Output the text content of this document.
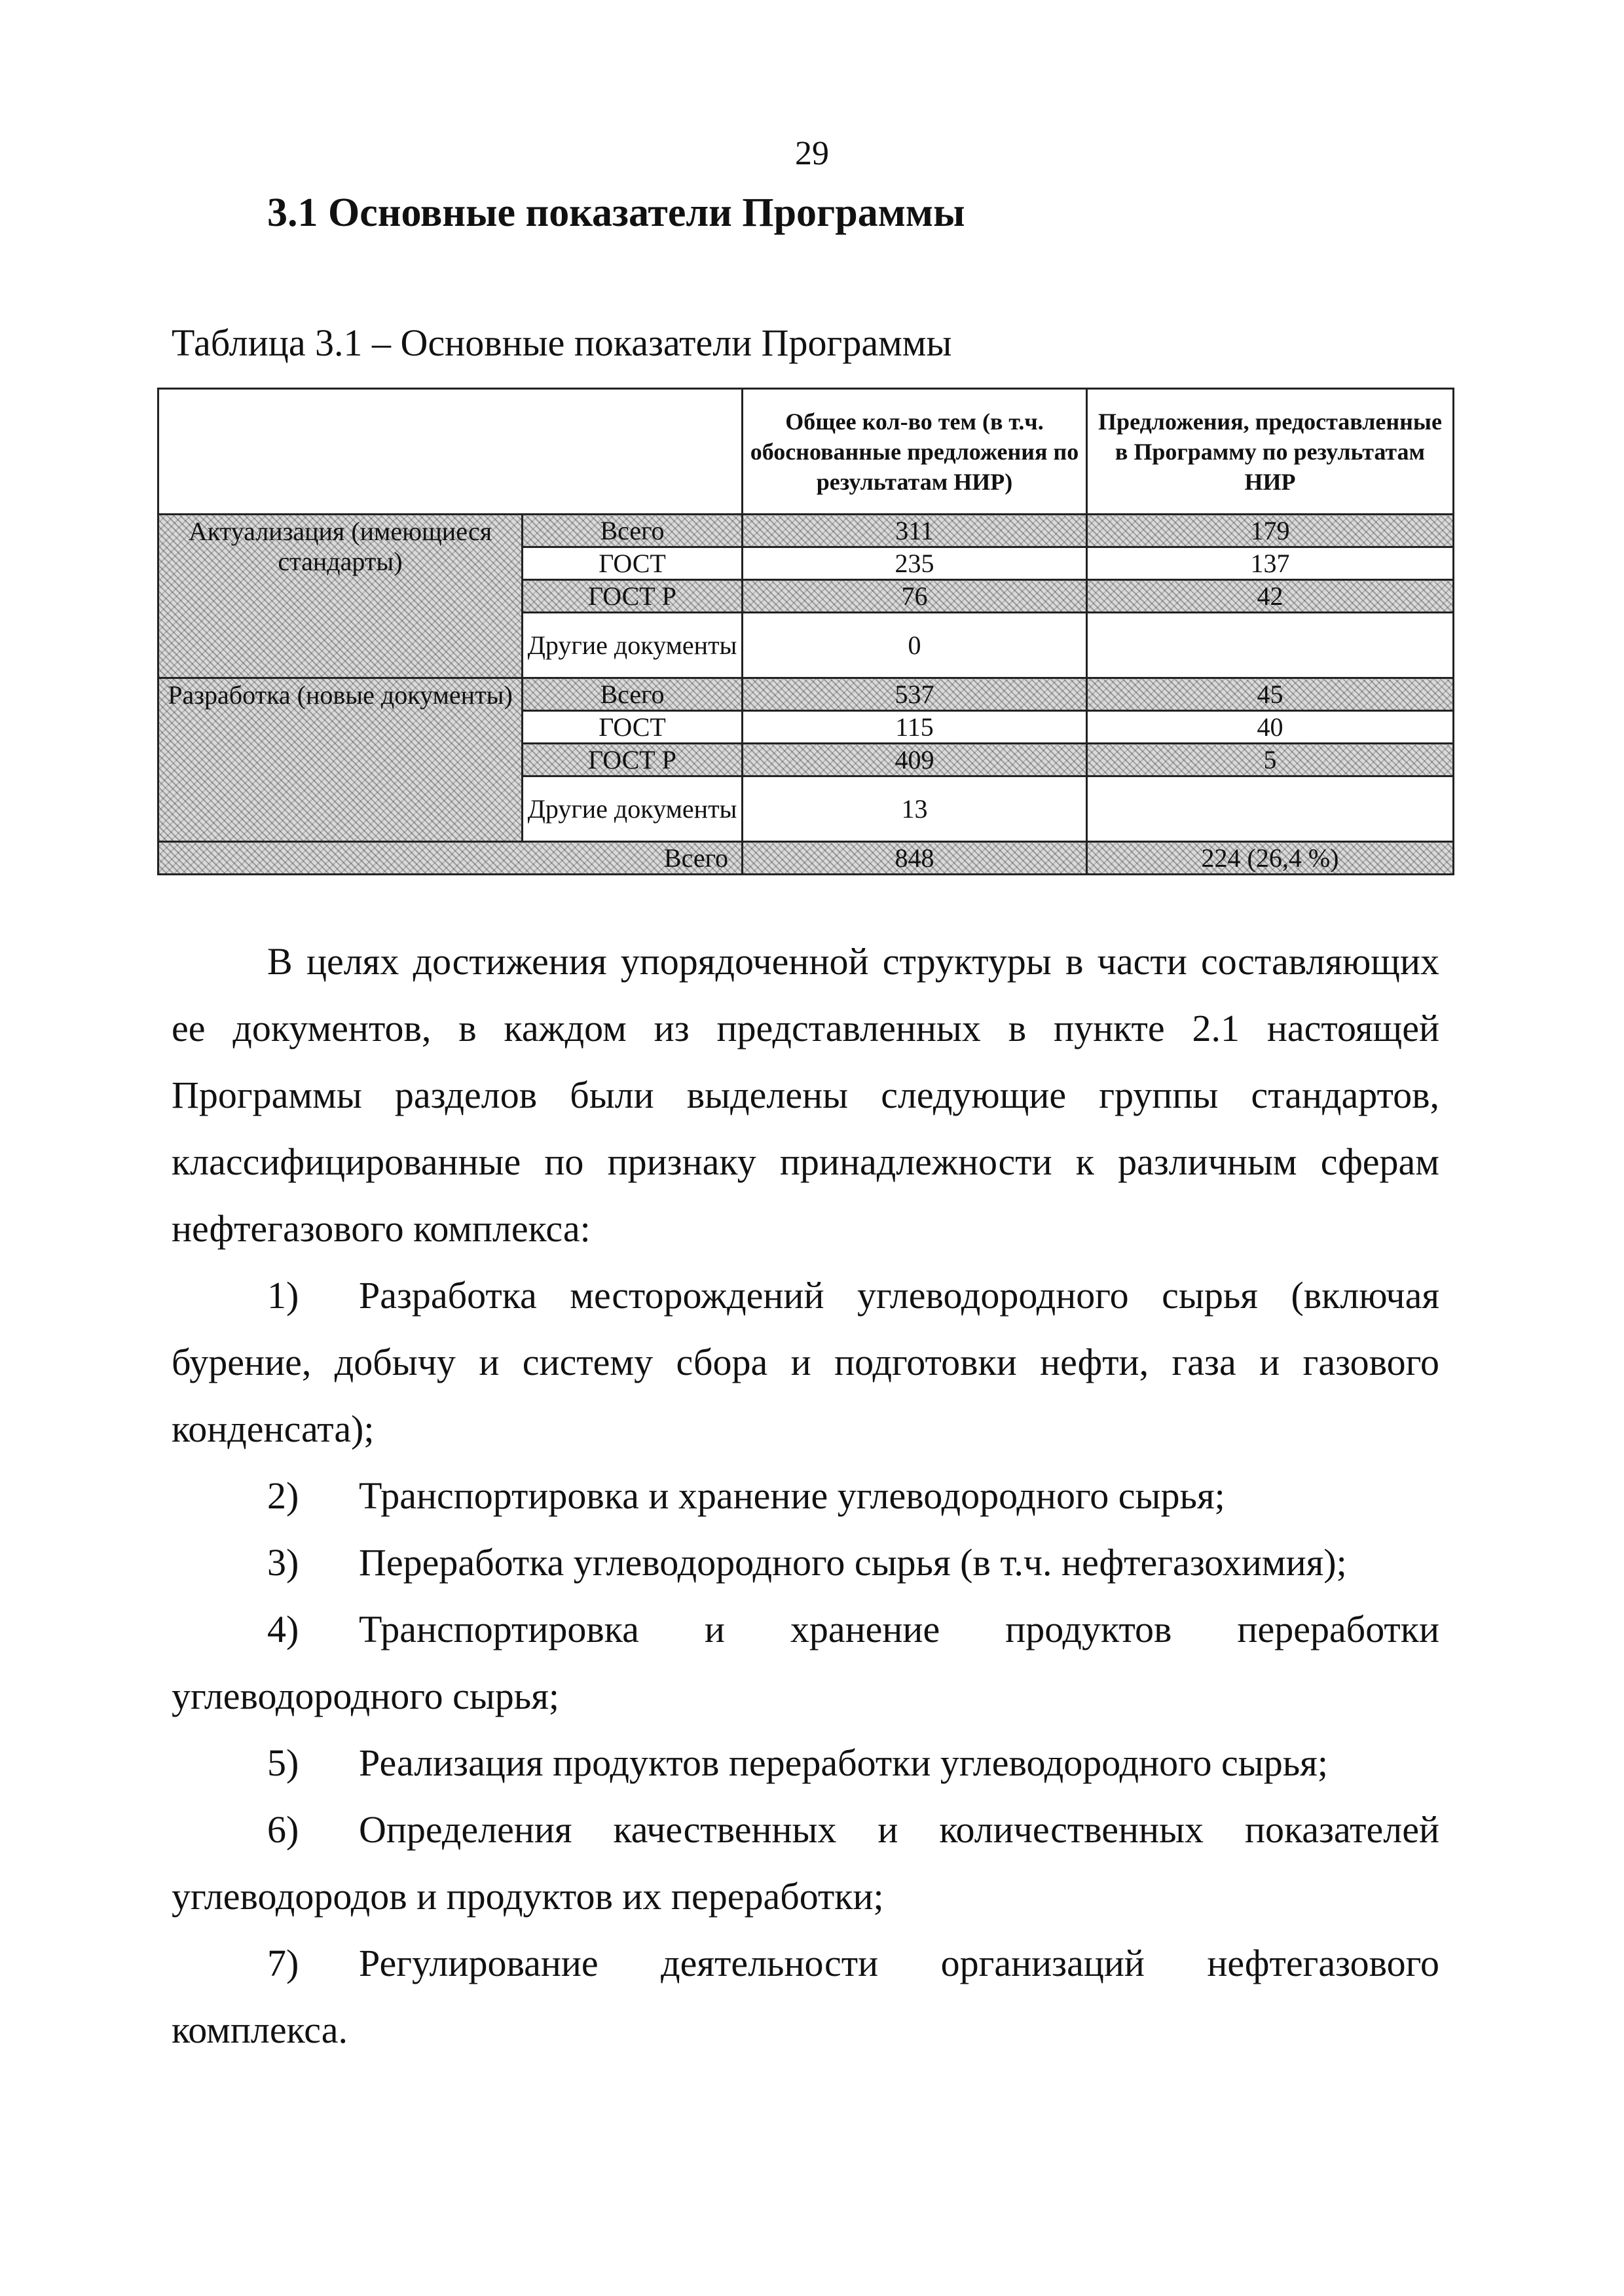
29
3.1 Основные показатели Программы
Таблица 3.1 – Основные показатели Программы
		Общее кол-во тем (в т.ч. обоснованные предложения по результатам НИР)	Предложения, предоставленные в Программу по результатам НИР
Актуализация (имеющиеся стандарты)	Всего	311	179
	ГОСТ	235	137
	ГОСТ Р	76	42
	Другие документы	0	
Разработка (новые документы)	Всего	537	45
	ГОСТ	115	40
	ГОСТ Р	409	5
	Другие документы	13	
Всего		848	224 (26,4 %)

В целях достижения упорядоченной структуры в части составляющих ее документов, в каждом из представленных в пункте 2.1 настоящей Программы разделов были выделены следующие группы стандартов, классифицированные по признаку принадлежности к различным сферам нефтегазового комплекса:

1) Разработка месторождений углеводородного сырья (включая бурение, добычу и систему сбора и подготовки нефти, газа и газового конденсата);

2) Транспортировка и хранение углеводородного сырья;

3) Переработка углеводородного сырья (в т.ч. нефтегазохимия);

4) Транспортировка и хранение продуктов переработки углеводородного сырья;

5) Реализация продуктов переработки углеводородного сырья;

6) Определения качественных и количественных показателей углеводородов и продуктов их переработки;

7) Регулирование деятельности организаций нефтегазового комплекса.
